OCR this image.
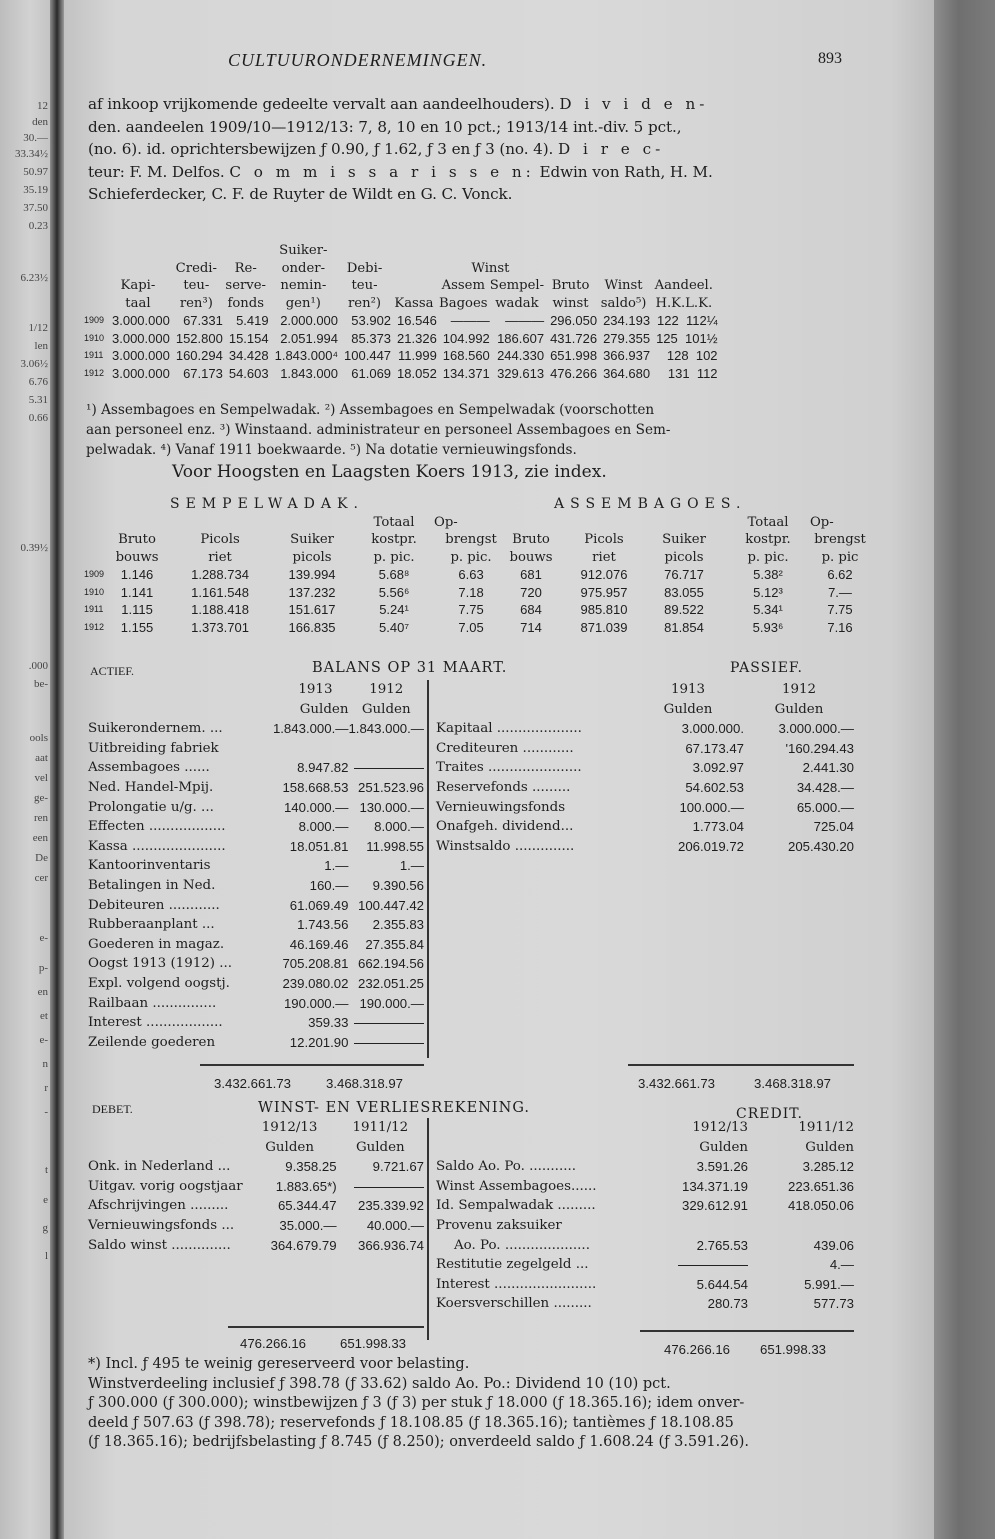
12
den
30.—
33.34½
50.97
35.19
37.50
0.23
6.23½
1/12
len
3.06½
6.76
5.31
0.66
0.39½
.000
be-
ools
aat
vel
ge-
ren
een
De
cer
e-
p-
en
et
e-
n
r
-
t
e
g
l
CULTUURONDERNEMINGEN.	893
af inkoop vrijkomende gedeelte vervalt aan aandeelhouders). D i v i d e n-
den. aandeelen 1909/10—1912/13: 7, 8, 10 en 10 pct.; 1913/14 int.-div. 5 pct.,
(no. 6). id. oprichtersbewijzen ƒ 0.90, ƒ 1.62, ƒ 3 en ƒ 3 (no. 4). D i r e c-
teur: F. M. Delfos. C o m m i s s a r i s s e n: Edwin von Rath, H. M.
Schieferdecker, C. F. de Ruyter de Wildt en G. C. Vonck.
				Suiker-							
		Credi-	Re-	onder-	Debi-		Winst				
	Kapi-	teu-	serve-	nemin-	teu-		Assem	Sempel-	Bruto	Winst	Aandeel.
	taal	ren³)	fonds	gen¹)	ren²)	Kassa	Bagoes	wadak	winst	saldo⁵)	H.K.L.K.
1909	3.000.000	67.331	5.419	2.000.000	53.902	16.546	———	———	296.050	234.193	122 112¼
1910	3.000.000	152.800	15.154	2.051.994	85.373	21.326	104.992	186.607	431.726	279.355	125 101½
1911	3.000.000	160.294	34.428	1.843.000⁴	100.447	11.999	168.560	244.330	651.998	366.937	128 102
1912	3.000.000	67.173	54.603	1.843.000	61.069	18.052	134.371	329.613	476.266	364.680	131 112
¹) Assembagoes en Sempelwadak. ²) Assembagoes en Sempelwadak (voorschotten
aan personeel enz. ³) Winstaand. administrateur en personeel Assembagoes en Sem-
pelwadak. ⁴) Vanaf 1911 boekwaarde. ⁵) Na dotatie vernieuwingsfonds.
Voor Hoogsten en Laagsten Koers 1913, zie index.
SEMPELWADAK.
				Totaal	Op-
	Bruto	Picols	Suiker	kostpr.	brengst
	bouws	riet	picols	p. pic.	p. pic.
1909	1.146	1.288.734	139.994	5.68⁸	6.63
1910	1.141	1.161.548	137.232	5.56⁶	7.18
1911	1.115	1.188.418	151.617	5.24¹	7.75
1912	1.155	1.373.701	166.835	5.40⁷	7.05
ASSEMBAGOES.
			Totaal	Op-
Bruto	Picols	Suiker	kostpr.	brengst
bouws	riet	picols	p. pic.	p. pic
681	912.076	76.717	5.38²	6.62
720	975.957	83.055	5.12³	7.—
684	985.810	89.522	5.34¹	7.75
714	871.039	81.854	5.93⁶	7.16
ACTIEF.	BALANS OP 31 MAART.	PASSIEF.
	1913	1912
	Gulden	Gulden
Suikerondernem. ...	1.843.000.—	1.843.000.—
Uitbreiding fabriek		
Assembagoes ......	8.947.82	
Ned. Handel-Mpij.	158.668.53	251.523.96
Prolongatie u/g. ...	140.000.—	130.000.—
Effecten ..................	8.000.—	8.000.—
Kassa ......................	18.051.81	11.998.55
Kantoorinventaris	1.—	1.—
Betalingen in Ned.	160.—	9.390.56
Debiteuren ............	61.069.49	100.447.42
Rubberaanplant ...	1.743.56	2.355.83
Goederen in magaz.	46.169.46	27.355.84
Oogst 1913 (1912) ...	705.208.81	662.194.56
Expl. volgend oogstj.	239.080.02	232.051.25
Railbaan ...............	190.000.—	190.000.—
Interest ..................	359.33	
Zeilende goederen	12.201.90	
	1913	1912
	Gulden	Gulden
Kapitaal ....................	3.000.000.	3.000.000.—
Crediteuren ............	67.173.47	'160.294.43
Traites ......................	3.092.97	2.441.30
Reservefonds .........	54.602.53	34.428.—
Vernieuwingsfonds	100.000.—	65.000.—
Onafgeh. dividend...	1.773.04	725.04
Winstsaldo ..............	206.019.72	205.430.20
3.432.661.73	3.468.318.97	3.432.661.73	3.468.318.97
DEBET.	WINST- EN VERLIESREKENING.	CREDIT.
	1912/13	1911/12
	Gulden	Gulden
Onk. in Nederland ...	9.358.25	9.721.67
Uitgav. vorig oogstjaar	1.883.65*)	
Afschrijvingen .........	65.344.47	235.339.92
Vernieuwingsfonds ...	35.000.—	40.000.—
Saldo winst ..............	364.679.79	366.936.74
	1912/13	1911/12
	Gulden	Gulden
Saldo Ao. Po. ...........	3.591.26	3.285.12
Winst Assembagoes......	134.371.19	223.651.36
Id. Sempalwadak .........	329.612.91	418.050.06
Provenu zaksuiker		
Ao. Po. ....................	2.765.53	439.06
Restitutie zegelgeld ...		4.—
Interest ........................	5.644.54	5.991.—
Koersverschillen .........	280.73	577.73
476.266.16	651.998.33	476.266.16 651.998.33
*) Incl. ƒ 495 te weinig gereserveerd voor belasting.
Winstverdeeling inclusief ƒ 398.78 (ƒ 33.62) saldo Ao. Po.: Dividend 10 (10) pct.
ƒ 300.000 (ƒ 300.000); winstbewijzen ƒ 3 (ƒ 3) per stuk ƒ 18.000 (ƒ 18.365.16); idem onver-
deeld ƒ 507.63 (ƒ 398.78); reservefonds ƒ 18.108.85 (ƒ 18.365.16); tantièmes ƒ 18.108.85
(ƒ 18.365.16); bedrijfsbelasting ƒ 8.745 (ƒ 8.250); onverdeeld saldo ƒ 1.608.24 (ƒ 3.591.26).
